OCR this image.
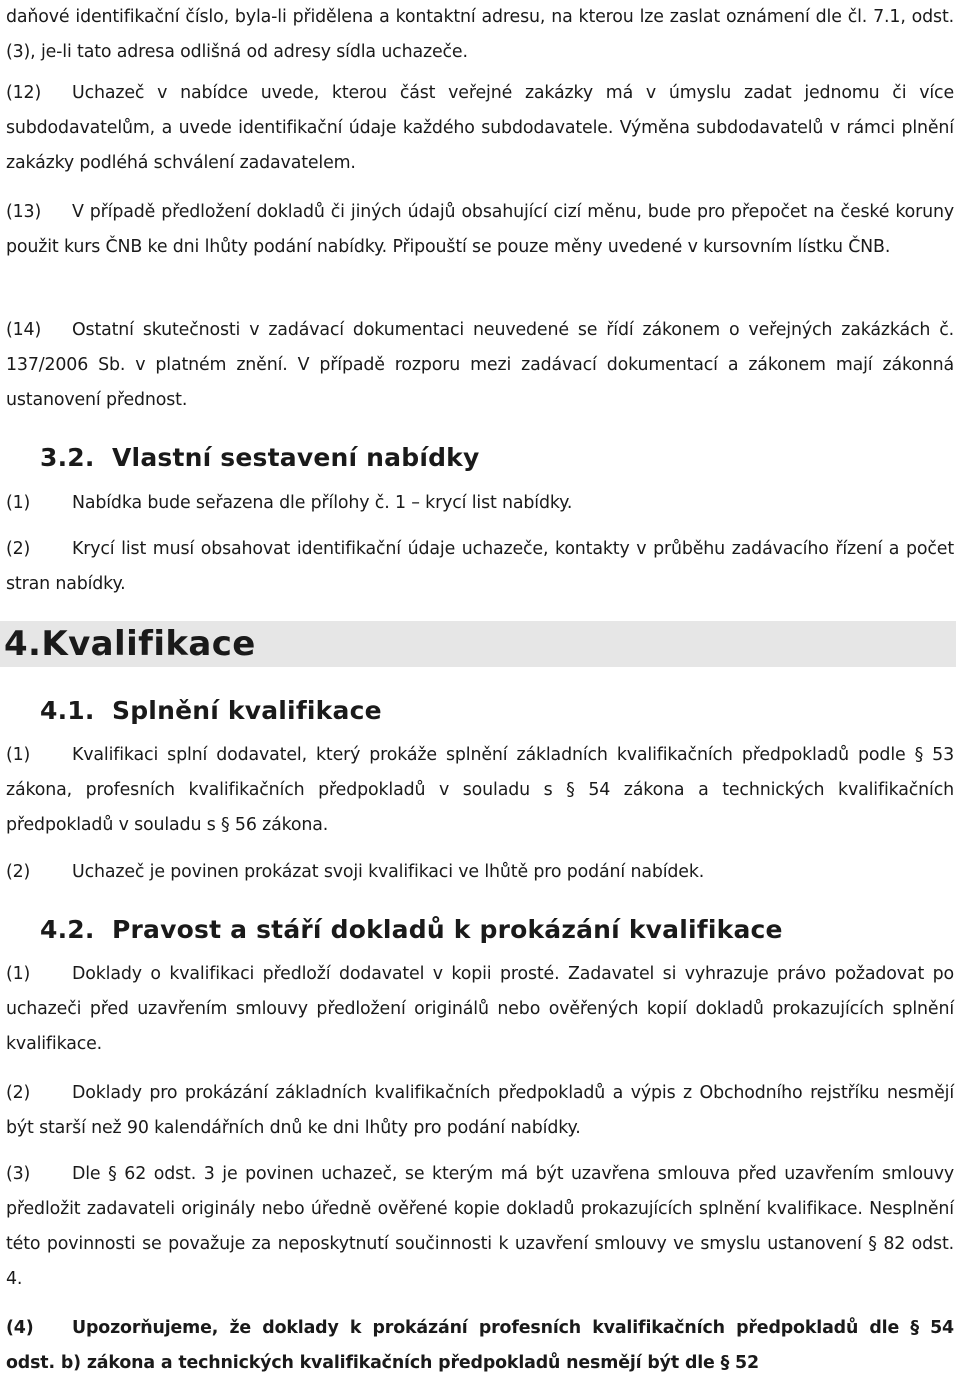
daňové identifikační číslo, byla-li přidělena a kontaktní adresu, na kterou lze zaslat oznámení dle čl. 7.1, odst. (3), je-li tato adresa odlišná od adresy sídla uchazeče.

(12) Uchazeč v nabídce uvede, kterou část veřejné zakázky má v úmyslu zadat jednomu či více subdodavatelům, a uvede identifikační údaje každého subdodavatele. Výměna subdodavatelů v rámci plnění zakázky podléhá schválení zadavatelem.

(13) V případě předložení dokladů či jiných údajů obsahující cizí měnu, bude pro přepočet na české koruny použit kurs ČNB ke dni lhůty podání nabídky. Připouští se pouze měny uvedené v kursovním lístku ČNB.

(14) Ostatní skutečnosti v zadávací dokumentaci neuvedené se řídí zákonem o veřejných zakázkách č. 137/2006 Sb. v platném znění. V případě rozporu mezi zadávací dokumentací a zákonem mají zákonná ustanovení přednost.

3.2. Vlastní sestavení nabídky

(1) Nabídka bude seřazena dle přílohy č. 1 – krycí list nabídky.

(2) Krycí list musí obsahovat identifikační údaje uchazeče, kontakty v průběhu zadávacího řízení a počet stran nabídky.

4.Kvalifikace
4.1. Splnění kvalifikace

(1) Kvalifikaci splní dodavatel, který prokáže splnění základních kvalifikačních předpokladů podle § 53 zákona, profesních kvalifikačních předpokladů v souladu s § 54 zákona a technických kvalifikačních předpokladů v souladu s § 56 zákona.

(2) Uchazeč je povinen prokázat svoji kvalifikaci ve lhůtě pro podání nabídek.

4.2. Pravost a stáří dokladů k prokázání kvalifikace

(1) Doklady o kvalifikaci předloží dodavatel v kopii prosté. Zadavatel si vyhrazuje právo požadovat po uchazeči před uzavřením smlouvy předložení originálů nebo ověřených kopií dokladů prokazujících splnění kvalifikace.

(2) Doklady pro prokázání základních kvalifikačních předpokladů a výpis z Obchodního rejstříku nesmějí být starší než 90 kalendářních dnů ke dni lhůty pro podání nabídky.

(3) Dle § 62 odst. 3 je povinen uchazeč, se kterým má být uzavřena smlouva před uzavřením smlouvy předložit zadavateli originály nebo úředně ověřené kopie dokladů prokazujících splnění kvalifikace. Nesplnění této povinnosti se považuje za neposkytnutí součinnosti k uzavření smlouvy ve smyslu ustanovení § 82 odst. 4.

(4) Upozorňujeme, že doklady k prokázání profesních kvalifikačních předpokladů dle § 54 odst. b) zákona a technických kvalifikačních předpokladů nesmějí být dle § 52
